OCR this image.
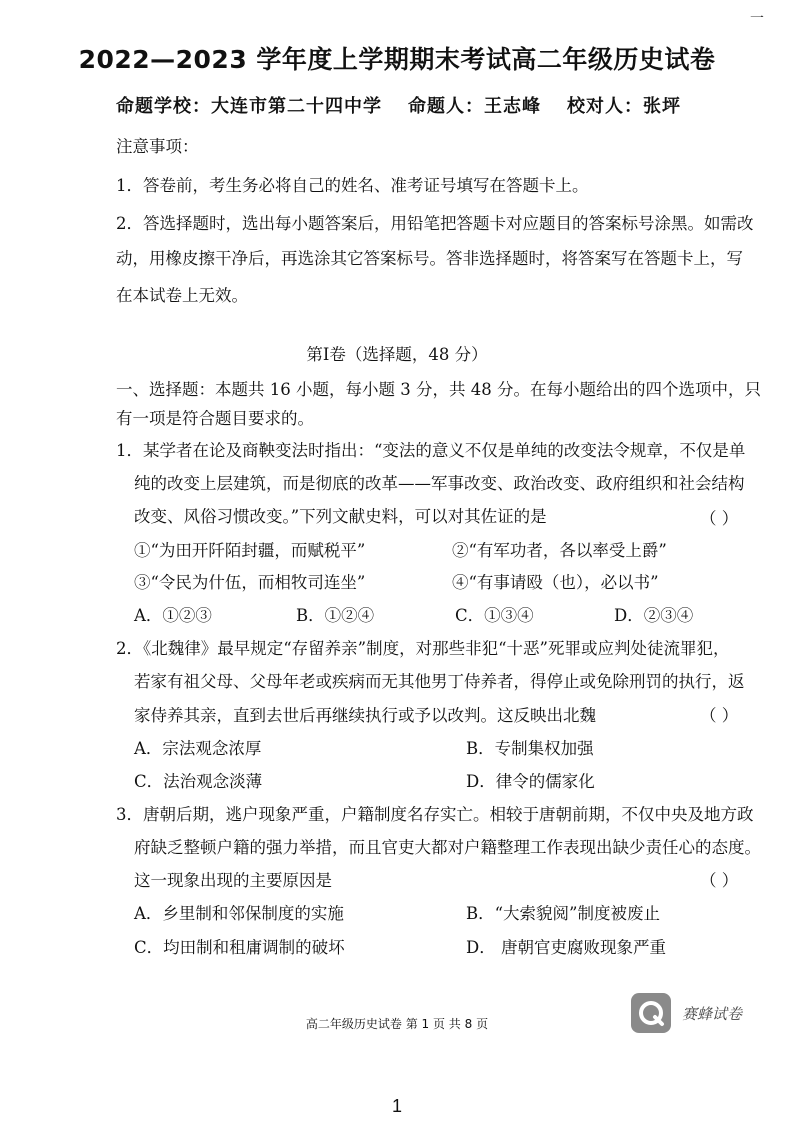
一
2022—2023 学年度上学期期末考试高二年级历史试卷
命题学校：大连市第二十四中学 命题人：王志峰 校对人：张坪
注意事项：
1．答卷前，考生务必将自己的姓名、准考证号填写在答题卡上。
2．答选择题时，选出每小题答案后，用铅笔把答题卡对应题目的答案标号涂黑。如需改
动，用橡皮擦干净后，再选涂其它答案标号。答非选择题时，将答案写在答题卡上，写
在本试卷上无效。
第Ⅰ卷（选择题，48 分）
一、选择题：本题共 16 小题，每小题 3 分，共 48 分。在每小题给出的四个选项中，只
有一项是符合题目要求的。
1．某学者在论及商鞅变法时指出：“变法的意义不仅是单纯的改变法令规章，不仅是单
纯的改变上层建筑，而是彻底的改革——军事改变、政治改变、政府组织和社会结构
改变、风俗习惯改变。”下列文献史料，可以对其佐证的是	（ ）
①“为田开阡陌封疆，而赋税平”	②“有军功者，各以率受上爵”
③“令民为什伍，而相牧司连坐”	④“有事请殴（也），必以书”
A．①②③	B．①②④	C．①③④	D．②③④
2．《北魏律》最早规定“存留养亲”制度，对那些非犯“十恶”死罪或应判处徒流罪犯，
若家有祖父母、父母年老或疾病而无其他男丁侍养者，得停止或免除刑罚的执行，返
家侍养其亲，直到去世后再继续执行或予以改判。这反映出北魏	（ ）
A．宗法观念浓厚	B．专制集权加强
C．法治观念淡薄	D．律令的儒家化
3．唐朝后期，逃户现象严重，户籍制度名存实亡。相较于唐朝前期，不仅中央及地方政
府缺乏整顿户籍的强力举措，而且官吏大都对户籍整理工作表现出缺少责任心的态度。
这一现象出现的主要原因是	（ ）
A．乡里制和邻保制度的实施	B．“大索貌阅”制度被废止
C．均田制和租庸调制的破坏	D． 唐朝官吏腐败现象严重
高二年级历史试卷 第 1 页 共 8 页
赛蜂试卷
1
